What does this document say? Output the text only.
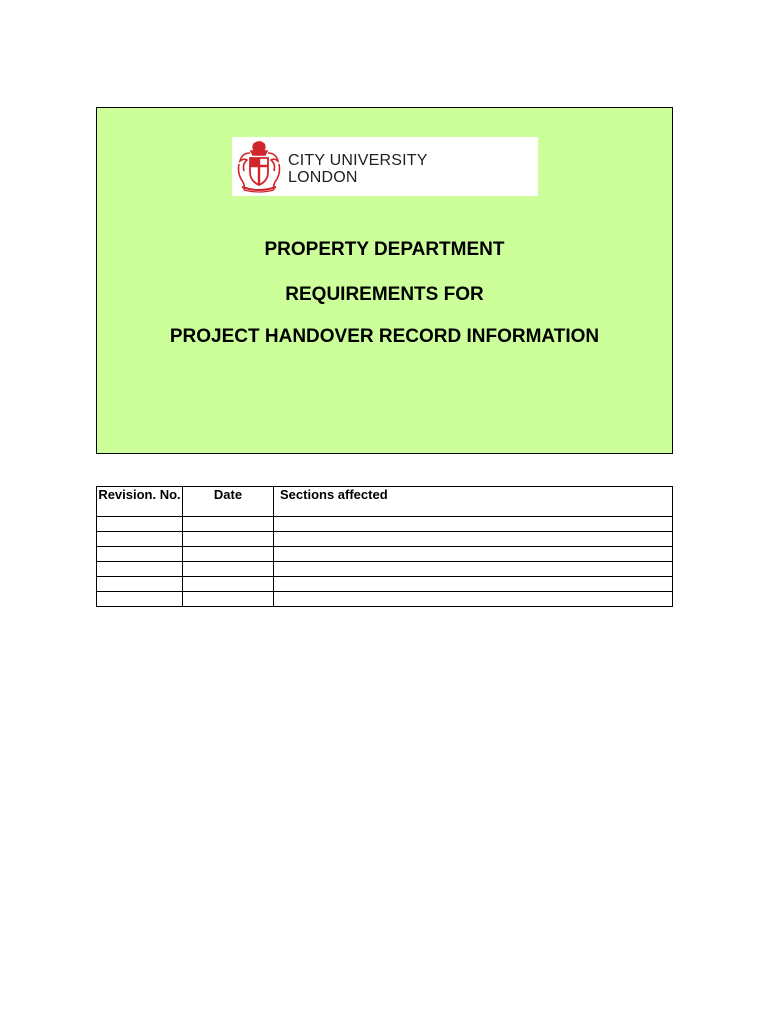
CITY UNIVERSITY
LONDON
PROPERTY DEPARTMENT
REQUIREMENTS FOR
PROJECT HANDOVER RECORD INFORMATION
Revision. No.	Date	Sections affected
